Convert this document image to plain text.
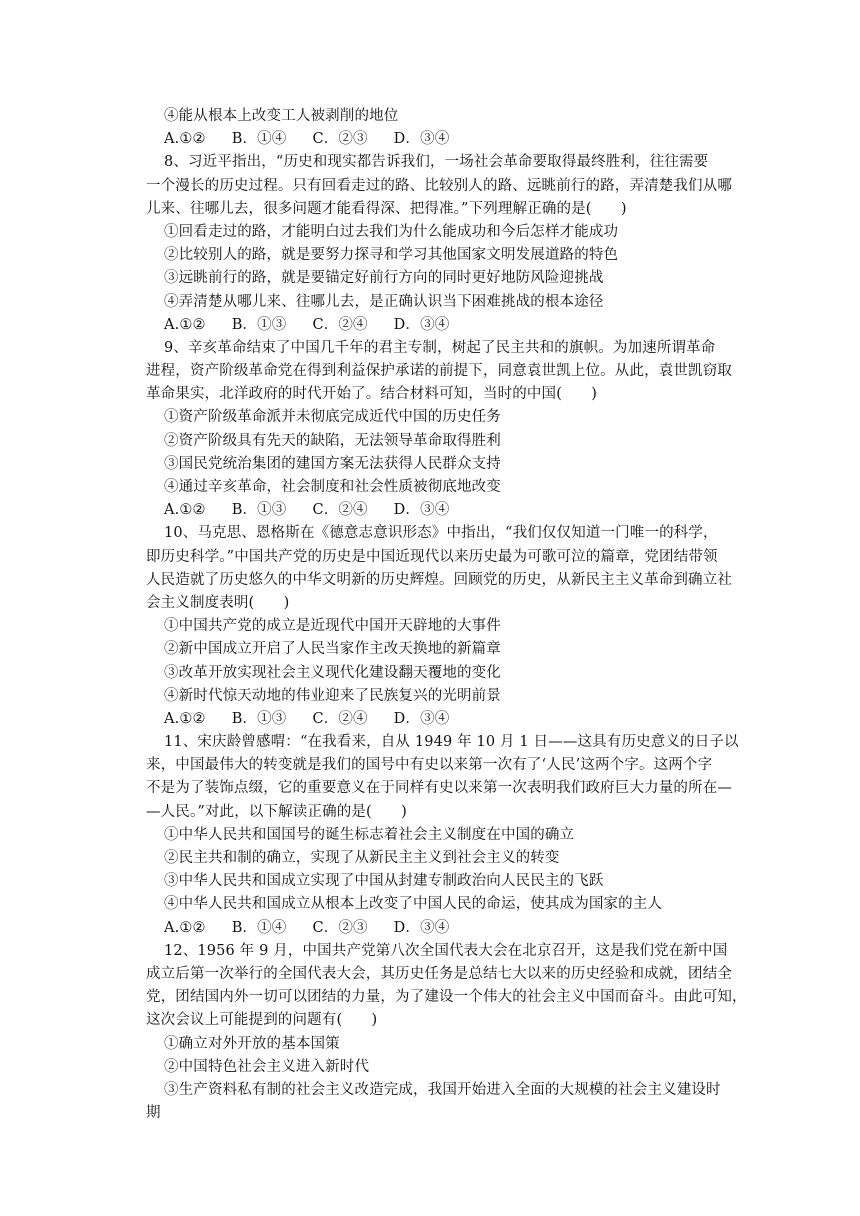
④能从根本上改变工人被剥削的地位
A.①② B．①④ C．②③ D．③④
8、习近平指出，“历史和现实都告诉我们，一场社会革命要取得最终胜利，往往需要
一个漫长的历史过程。只有回看走过的路、比较别人的路、远眺前行的路，弄清楚我们从哪
儿来、往哪儿去，很多问题才能看得深、把得准。”下列理解正确的是(　　)
①回看走过的路，才能明白过去我们为什么能成功和今后怎样才能成功
②比较别人的路，就是要努力探寻和学习其他国家文明发展道路的特色
③远眺前行的路，就是要锚定好前行方向的同时更好地防风险迎挑战
④弄清楚从哪儿来、往哪儿去，是正确认识当下困难挑战的根本途径
A.①② B．①③ C．②④ D．③④
9、辛亥革命结束了中国几千年的君主专制，树起了民主共和的旗帜。为加速所谓革命
进程，资产阶级革命党在得到利益保护承诺的前提下，同意袁世凯上位。从此，袁世凯窃取
革命果实，北洋政府的时代开始了。结合材料可知，当时的中国(　　)
①资产阶级革命派并未彻底完成近代中国的历史任务
②资产阶级具有先天的缺陷，无法领导革命取得胜利
③国民党统治集团的建国方案无法获得人民群众支持
④通过辛亥革命，社会制度和社会性质被彻底地改变
A.①② B．①③ C．②④ D．③④
10、马克思、恩格斯在《德意志意识形态》中指出，“我们仅仅知道一门唯一的科学，
即历史科学。”中国共产党的历史是中国近现代以来历史最为可歌可泣的篇章，党团结带领
人民造就了历史悠久的中华文明新的历史辉煌。回顾党的历史，从新民主主义革命到确立社
会主义制度表明(　　)
①中国共产党的成立是近现代中国开天辟地的大事件
②新中国成立开启了人民当家作主改天换地的新篇章
③改革开放实现社会主义现代化建设翻天覆地的变化
④新时代惊天动地的伟业迎来了民族复兴的光明前景
A.①② B．①③ C．②④ D．③④
11、宋庆龄曾感喟：“在我看来，自从 1949 年 10 月 1 日——这具有历史意义的日子以
来，中国最伟大的转变就是我们的国号中有史以来第一次有了‘人民’这两个字。这两个字
不是为了装饰点缀，它的重要意义在于同样有史以来第一次表明我们政府巨大力量的所在—
—人民。”对此，以下解读正确的是(　　)
①中华人民共和国国号的诞生标志着社会主义制度在中国的确立
②民主共和制的确立，实现了从新民主主义到社会主义的转变
③中华人民共和国成立实现了中国从封建专制政治向人民民主的飞跃
④中华人民共和国成立从根本上改变了中国人民的命运，使其成为国家的主人
A.①② B．①④ C．②③ D．③④
12、1956 年 9 月，中国共产党第八次全国代表大会在北京召开，这是我们党在新中国
成立后第一次举行的全国代表大会，其历史任务是总结七大以来的历史经验和成就，团结全
党，团结国内外一切可以团结的力量，为了建设一个伟大的社会主义中国而奋斗。由此可知，
这次会议上可能提到的问题有(　　)
①确立对外开放的基本国策
②中国特色社会主义进入新时代
③生产资料私有制的社会主义改造完成，我国开始进入全面的大规模的社会主义建设时
期
